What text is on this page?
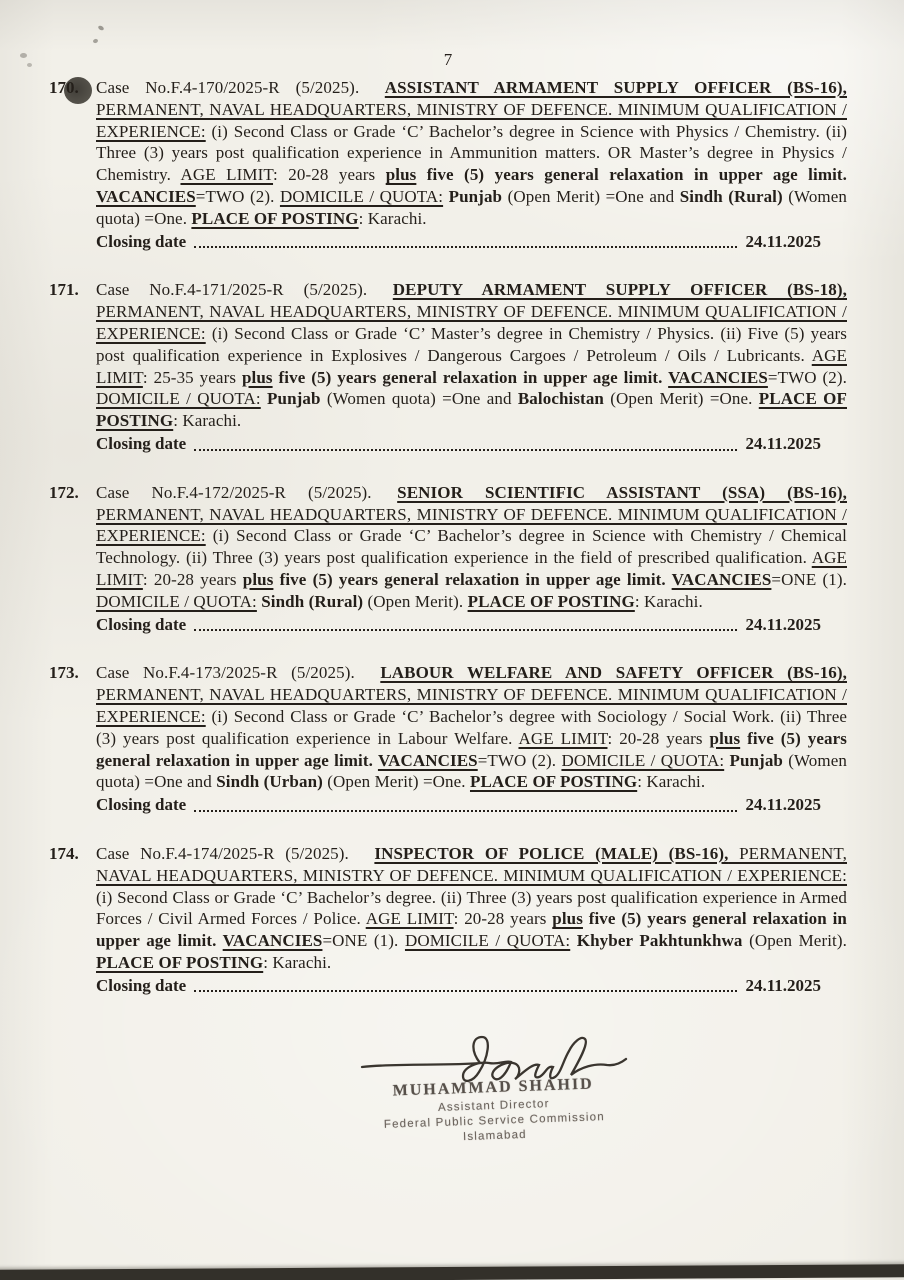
7
170.	Case No.F.4-170/2025-R (5/2025). ASSISTANT ARMAMENT SUPPLY OFFICER (BS-16), PERMANENT, NAVAL HEADQUARTERS, MINISTRY OF DEFENCE. MINIMUM QUALIFICATION / EXPERIENCE: (i) Second Class or Grade ‘C’ Bachelor’s degree in Science with Physics / Chemistry. (ii) Three (3) years post qualification experience in Ammunition matters. OR Master’s degree in Physics / Chemistry. AGE LIMIT: 20-28 years plus five (5) years general relaxation in upper age limit. VACANCIES=TWO (2). DOMICILE / QUOTA: Punjab (Open Merit) =One and Sindh (Rural) (Women quota) =One. PLACE OF POSTING: Karachi.

Closing date	24.11.2025
171.	Case No.F.4-171/2025-R (5/2025). DEPUTY ARMAMENT SUPPLY OFFICER (BS-18), PERMANENT, NAVAL HEADQUARTERS, MINISTRY OF DEFENCE. MINIMUM QUALIFICATION / EXPERIENCE: (i) Second Class or Grade ‘C’ Master’s degree in Chemistry / Physics. (ii) Five (5) years post qualification experience in Explosives / Dangerous Cargoes / Petroleum / Oils / Lubricants. AGE LIMIT: 25-35 years plus five (5) years general relaxation in upper age limit. VACANCIES=TWO (2). DOMICILE / QUOTA: Punjab (Women quota) =One and Balochistan (Open Merit) =One. PLACE OF POSTING: Karachi.

Closing date	24.11.2025
172.	Case No.F.4-172/2025-R (5/2025). SENIOR SCIENTIFIC ASSISTANT (SSA) (BS-16), PERMANENT, NAVAL HEADQUARTERS, MINISTRY OF DEFENCE. MINIMUM QUALIFICATION / EXPERIENCE: (i) Second Class or Grade ‘C’ Bachelor’s degree in Science with Chemistry / Chemical Technology. (ii) Three (3) years post qualification experience in the field of prescribed qualification. AGE LIMIT: 20-28 years plus five (5) years general relaxation in upper age limit. VACANCIES=ONE (1). DOMICILE / QUOTA: Sindh (Rural) (Open Merit). PLACE OF POSTING: Karachi.

Closing date	24.11.2025
173.	Case No.F.4-173/2025-R (5/2025). LABOUR WELFARE AND SAFETY OFFICER (BS-16), PERMANENT, NAVAL HEADQUARTERS, MINISTRY OF DEFENCE. MINIMUM QUALIFICATION / EXPERIENCE: (i) Second Class or Grade ‘C’ Bachelor’s degree with Sociology / Social Work. (ii) Three (3) years post qualification experience in Labour Welfare. AGE LIMIT: 20-28 years plus five (5) years general relaxation in upper age limit. VACANCIES=TWO (2). DOMICILE / QUOTA: Punjab (Women quota) =One and Sindh (Urban) (Open Merit) =One. PLACE OF POSTING: Karachi.

Closing date	24.11.2025
174.	Case No.F.4-174/2025-R (5/2025). INSPECTOR OF POLICE (MALE) (BS-16), PERMANENT, NAVAL HEADQUARTERS, MINISTRY OF DEFENCE. MINIMUM QUALIFICATION / EXPERIENCE: (i) Second Class or Grade ‘C’ Bachelor’s degree. (ii) Three (3) years post qualification experience in Armed Forces / Civil Armed Forces / Police. AGE LIMIT: 20-28 years plus five (5) years general relaxation in upper age limit. VACANCIES=ONE (1). DOMICILE / QUOTA: Khyber Pakhtunkhwa (Open Merit). PLACE OF POSTING: Karachi.

Closing date	24.11.2025
MUHAMMAD SHAHID
Assistant Director
Federal Public Service Commission
Islamabad
